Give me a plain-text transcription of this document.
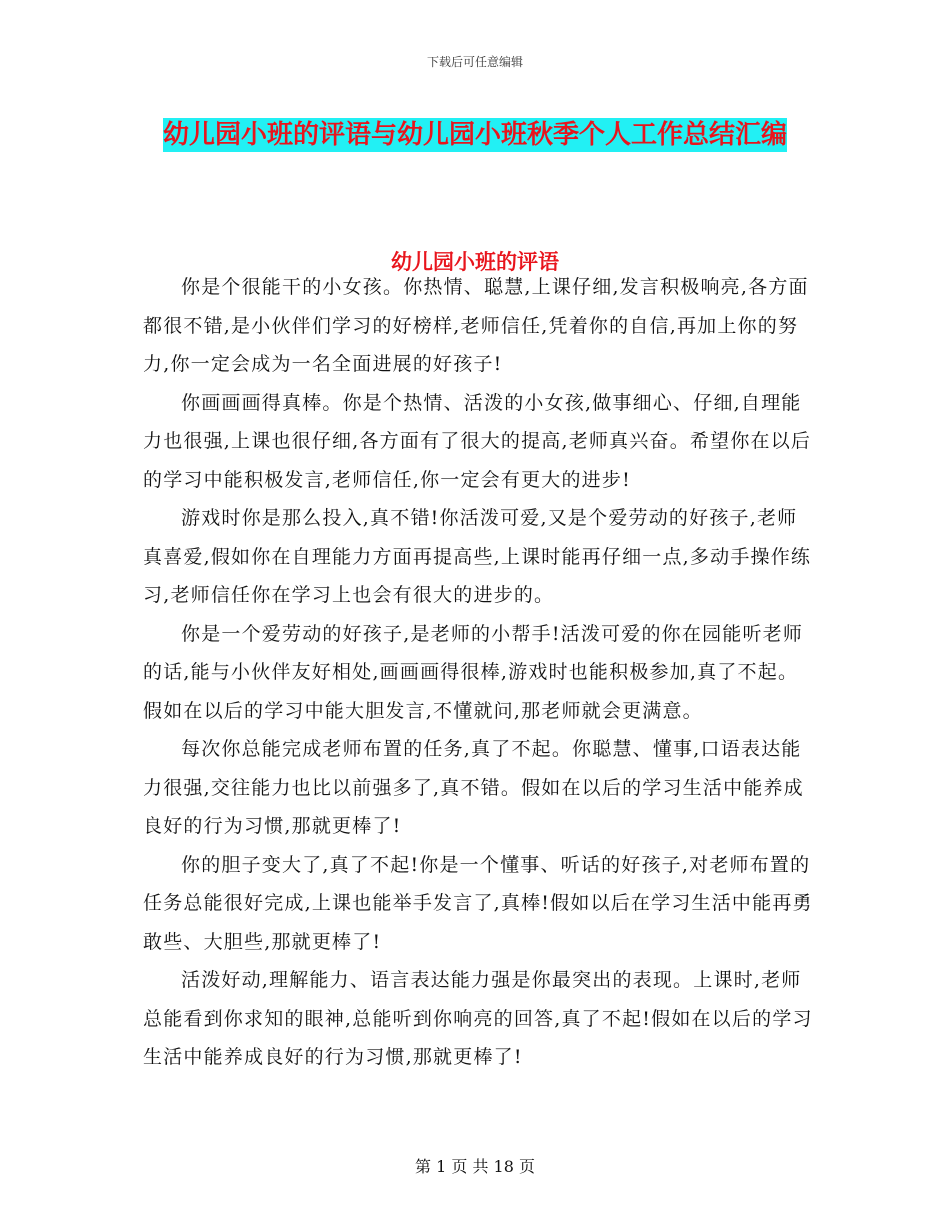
下载后可任意编辑
幼儿园小班的评语与幼儿园小班秋季个人工作总结汇编
幼儿园小班的评语

你是个很能干的小女孩。你热情、聪慧,上课仔细,发言积极响亮,各方面都很不错,是小伙伴们学习的好榜样,老师信任,凭着你的自信,再加上你的努力,你一定会成为一名全面进展的好孩子!

你画画画得真棒。你是个热情、活泼的小女孩,做事细心、仔细,自理能力也很强,上课也很仔细,各方面有了很大的提高,老师真兴奋。希望你在以后的学习中能积极发言,老师信任,你一定会有更大的进步!

游戏时你是那么投入,真不错!你活泼可爱,又是个爱劳动的好孩子,老师真喜爱,假如你在自理能力方面再提高些,上课时能再仔细一点,多动手操作练习,老师信任你在学习上也会有很大的进步的。

你是一个爱劳动的好孩子,是老师的小帮手!活泼可爱的你在园能听老师的话,能与小伙伴友好相处,画画画得很棒,游戏时也能积极参加,真了不起。假如在以后的学习中能大胆发言,不懂就问,那老师就会更满意。

每次你总能完成老师布置的任务,真了不起。你聪慧、懂事,口语表达能力很强,交往能力也比以前强多了,真不错。假如在以后的学习生活中能养成良好的行为习惯,那就更棒了!

你的胆子变大了,真了不起!你是一个懂事、听话的好孩子,对老师布置的任务总能很好完成,上课也能举手发言了,真棒!假如以后在学习生活中能再勇敢些、大胆些,那就更棒了!

活泼好动,理解能力、语言表达能力强是你最突出的表现。上课时,老师总能看到你求知的眼神,总能听到你响亮的回答,真了不起!假如在以后的学习生活中能养成良好的行为习惯,那就更棒了!

第 1 页 共 18 页
